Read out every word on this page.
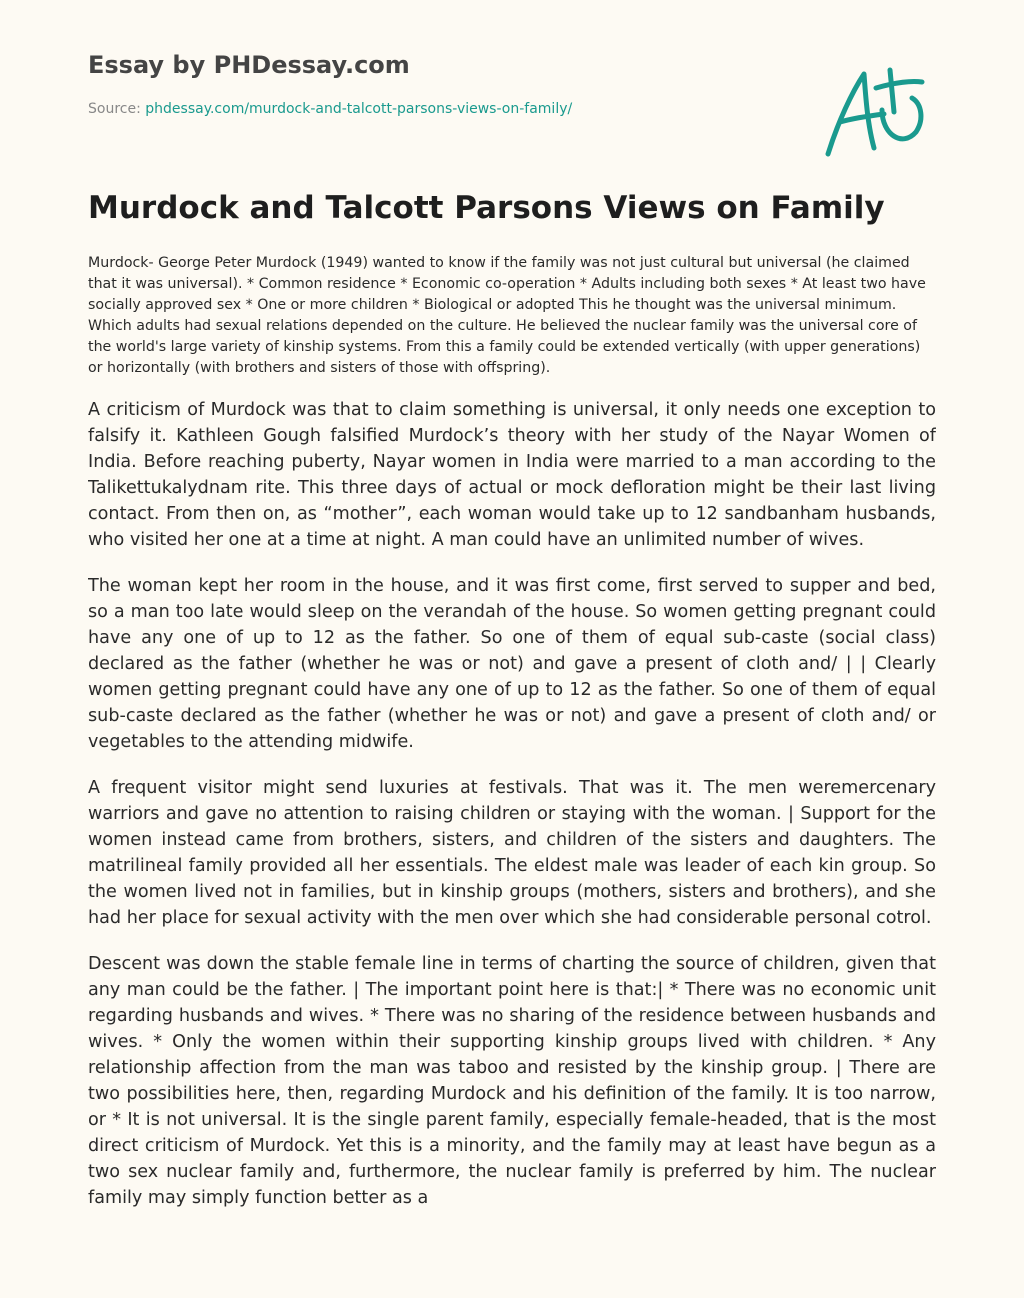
Essay by PHDessay.com
Source: phdessay.com/murdock-and-talcott-parsons-views-on-family/
Murdock and Talcott Parsons Views on Family

Murdock- George Peter Murdock (1949) wanted to know if the family was not just cultural but universal (he claimed that it was universal). * Common residence * Economic co-operation * Adults including both sexes * At least two have socially approved sex * One or more children * Biological or adopted This he thought was the universal minimum. Which adults had sexual relations depended on the culture. He believed the nuclear family was the universal core of the world's large variety of kinship systems. From this a family could be extended vertically (with upper generations) or horizontally (with brothers and sisters of those with offspring).

A criticism of Murdock was that to claim something is universal, it only needs one exception to falsify it. Kathleen Gough falsified Murdock’s theory with her study of the Nayar Women of India. Before reaching puberty, Nayar women in India were married to a man according to the Talikettukalydnam rite. This three days of actual or mock defloration might be their last living contact. From then on, as “mother”, each woman would take up to 12 sandbanham husbands, who visited her one at a time at night. A man could have an unlimited number of wives.

The woman kept her room in the house, and it was first come, first served to supper and bed, so a man too late would sleep on the verandah of the house. So women getting pregnant could have any one of up to 12 as the father. So one of them of equal sub-caste (social class) declared as the father (whether he was or not) and gave a present of cloth and/ | | Clearly women getting pregnant could have any one of up to 12 as the father. So one of them of equal sub-caste declared as the father (whether he was or not) and gave a present of cloth and/ or vegetables to the attending midwife.

A frequent visitor might send luxuries at festivals. That was it. The men weremercenary warriors and gave no attention to raising children or staying with the woman. | Support for the women instead came from brothers, sisters, and children of the sisters and daughters. The matrilineal family provided all her essentials. The eldest male was leader of each kin group. So the women lived not in families, but in kinship groups (mothers, sisters and brothers), and she had her place for sexual activity with the men over which she had considerable personal cotrol.

Descent was down the stable female line in terms of charting the source of children, given that any man could be the father. | The important point here is that:| * There was no economic unit regarding husbands and wives. * There was no sharing of the residence between husbands and wives. * Only the women within their supporting kinship groups lived with children. * Any relationship affection from the man was taboo and resisted by the kinship group. | There are two possibilities here, then, regarding Murdock and his definition of the family. It is too narrow, or * It is not universal. It is the single parent family, especially female-headed, that is the most direct criticism of Murdock. Yet this is a minority, and the family may at least have begun as a two sex nuclear family and, furthermore, the nuclear family is preferred by him. The nuclear family may simply function better as a
